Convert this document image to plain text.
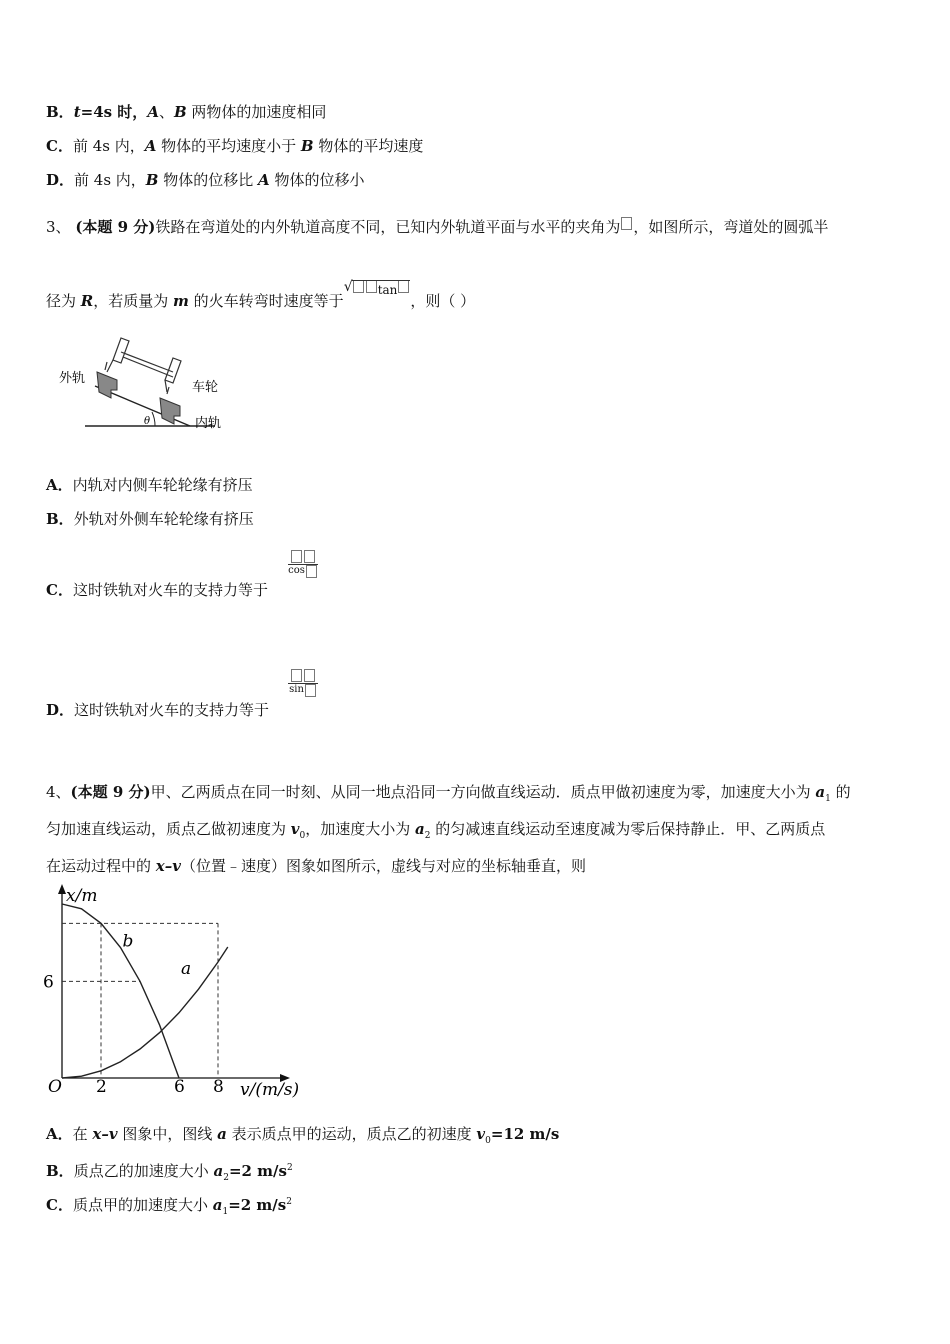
B．t=4s 时，A、B 两物体的加速度相同
C．前 4s 内，A 物体的平均速度小于 B 物体的平均速度
D．前 4s 内，B 物体的位移比 A 物体的位移小
3、 (本题 9 分)铁路在弯道处的内外轨道高度不同，已知内外轨道平面与水平的夹角为 ，如图所示，弯道处的圆弧半
径为 R，若质量为 m 的火车转弯时速度等于
√ tan，则（ ）
外轨
车轮
内轨
θ
A．内轨对内侧车轮轮缘有挤压
B．外轨对外侧车轮轮缘有挤压
cos
C．这时铁轨对火车的支持力等于
sin
D．这时铁轨对火车的支持力等于
4、(本题 9 分)甲、乙两质点在同一时刻、从同一地点沿同一方向做直线运动．质点甲做初速度为零，加速度大小为 $a_1$ 的
匀加速直线运动，质点乙做初速度为 $v_0$，加速度大小为 $a_2$ 的匀减速直线运动至速度减为零后保持静止．甲、乙两质点
在运动过程中的 x–v（位置﹣速度）图象如图所示，虚线与对应的坐标轴垂直，则
a
b
2	6 8
6
O	v/(m/s)
x/m
A．在 x–v 图象中，图线 a 表示质点甲的运动，质点乙的初速度 $v_0=12$ m/s
B．质点乙的加速度大小 $a_2=2$ $m/s^2$
C．质点甲的加速度大小 $a_1=2$ $m/s^2$
